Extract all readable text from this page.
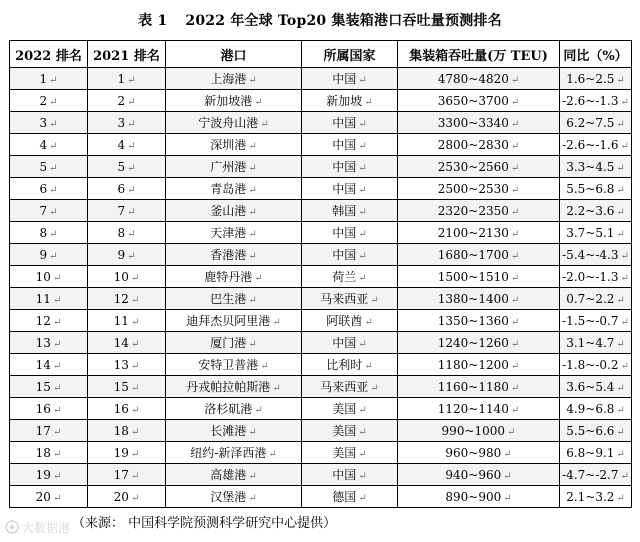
表 1 2022 年全球 Top20 集装箱港口吞吐量预测排名
2022 排名	2021 排名	港口	所属国家	集装箱吞吐量(万 TEU)	同比（%）
1 ↵	1 ↵	上海港 ↵	中国 ↵	4780~4820 ↵	1.6~2.5 ↵
2 ↵	2 ↵	新加坡港 ↵	新加坡 ↵	3650~3700 ↵	-2.6~-1.3 ↵
3 ↵	3 ↵	宁波舟山港 ↵	中国 ↵	3300~3340 ↵	6.2~7.5 ↵
4 ↵	4 ↵	深圳港 ↵	中国 ↵	2800~2830 ↵	-2.6~-1.6 ↵
5 ↵	5 ↵	广州港 ↵	中国 ↵	2530~2560 ↵	3.3~4.5 ↵
6 ↵	6 ↵	青岛港 ↵	中国 ↵	2500~2530 ↵	5.5~6.8 ↵
7 ↵	7 ↵	釜山港 ↵	韩国 ↵	2320~2350 ↵	2.2~3.6 ↵
8 ↵	8 ↵	天津港 ↵	中国 ↵	2100~2130 ↵	3.7~5.1 ↵
9 ↵	9 ↵	香港港 ↵	中国 ↵	1680~1700 ↵	-5.4~-4.3 ↵
10 ↵	10 ↵	鹿特丹港 ↵	荷兰 ↵	1500~1510 ↵	-2.0~-1.3 ↵
11 ↵	12 ↵	巴生港 ↵	马来西亚 ↵	1380~1400 ↵	0.7~2.2 ↵
12 ↵	11 ↵	迪拜杰贝阿里港 ↵	阿联酋 ↵	1350~1360 ↵	-1.5~-0.7 ↵
13 ↵	14 ↵	厦门港 ↵	中国 ↵	1240~1260 ↵	3.1~4.7 ↵
14 ↵	13 ↵	安特卫普港 ↵	比利时 ↵	1180~1200 ↵	-1.8~-0.2 ↵
15 ↵	15 ↵	丹戎帕拉帕斯港 ↵	马来西亚 ↵	1160~1180 ↵	3.6~5.4 ↵
16 ↵	16 ↵	洛杉矶港 ↵	美国 ↵	1120~1140 ↵	4.9~6.8 ↵
17 ↵	18 ↵	长滩港 ↵	美国 ↵	990~1000 ↵	5.5~6.6 ↵
18 ↵	19 ↵	纽约-新泽西港 ↵	美国 ↵	960~980 ↵	6.8~9.1 ↵
19 ↵	17 ↵	高雄港 ↵	中国 ↵	940~960 ↵	-4.7~-2.7 ↵
20 ↵	20 ↵	汉堡港 ↵	德国 ↵	890~900 ↵	2.1~3.2 ↵
（来源： 中国科学院预测科学研究中心提供）
大数据港
